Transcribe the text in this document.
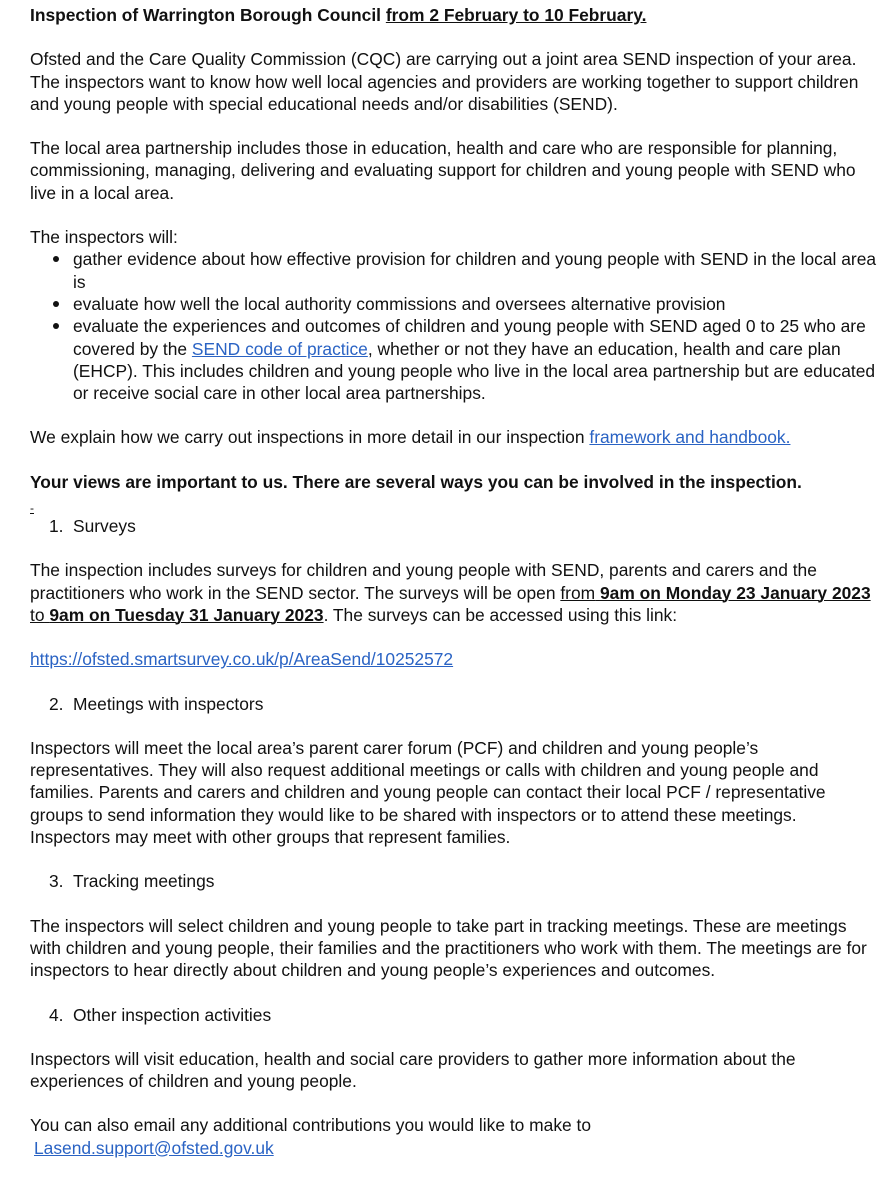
Inspection of Warrington Borough Council from 2 February to 10 February.

Ofsted and the Care Quality Commission (CQC) are carrying out a joint area SEND inspection of your area. The inspectors want to know how well local agencies and providers are working together to support children and young people with special educational needs and/or disabilities (SEND).

The local area partnership includes those in education, health and care who are responsible for planning, commissioning, managing, delivering and evaluating support for children and young people with SEND who live in a local area.

The inspectors will:

gather evidence about how effective provision for children and young people with SEND in the local area is
evaluate how well the local authority commissions and oversees alternative provision
evaluate the experiences and outcomes of children and young people with SEND aged 0 to 25 who are covered by the SEND code of practice, whether or not they have an education, health and care plan (EHCP). This includes children and young people who live in the local area partnership but are educated or receive social care in other local area partnerships.

We explain how we carry out inspections in more detail in our inspection framework and handbook.

Your views are important to us. There are several ways you can be involved in the inspection.

-
1. Surveys

The inspection includes surveys for children and young people with SEND, parents and carers and the practitioners who work in the SEND sector. The surveys will be open from 9am on Monday 23 January 2023 to 9am on Tuesday 31 January 2023. The surveys can be accessed using this link:

https://ofsted.smartsurvey.co.uk/p/AreaSend/10252572

2. Meetings with inspectors

Inspectors will meet the local area’s parent carer forum (PCF) and children and young people’s representatives. They will also request additional meetings or calls with children and young people and families. Parents and carers and children and young people can contact their local PCF / representative groups to send information they would like to be shared with inspectors or to attend these meetings. Inspectors may meet with other groups that represent families.

3. Tracking meetings

The inspectors will select children and young people to take part in tracking meetings. These are meetings with children and young people, their families and the practitioners who work with them. The meetings are for inspectors to hear directly about children and young people’s experiences and outcomes.

4. Other inspection activities

Inspectors will visit education, health and social care providers to gather more information about the experiences of children and young people.

You can also email any additional contributions you would like to make to

Lasend.support@ofsted.gov.uk
